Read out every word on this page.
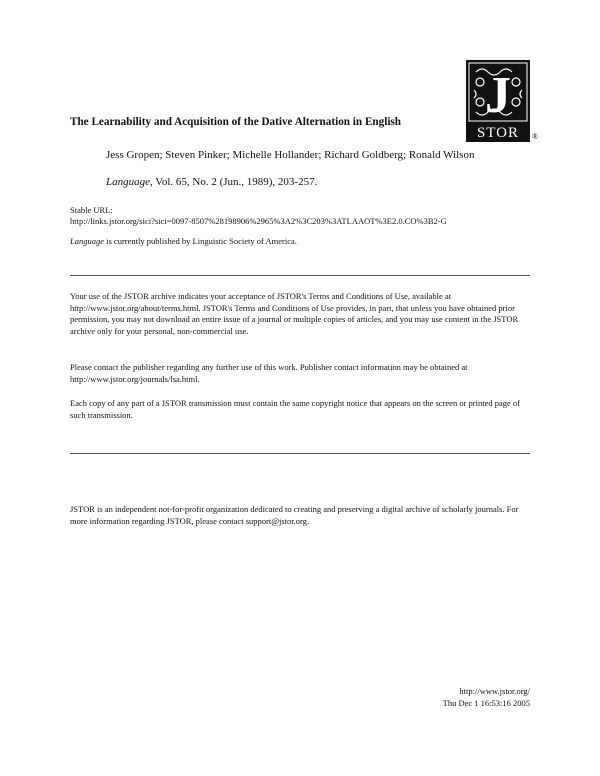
J
STOR ®
The Learnability and Acquisition of the Dative Alternation in English
Jess Gropen; Steven Pinker; Michelle Hollander; Richard Goldberg; Ronald Wilson
Language, Vol. 65, No. 2 (Jun., 1989), 203-257.
Stable URL:
http://links.jstor.org/sici?sici=0097-8507%28198906%2965%3A2%3C203%3ATLAAOT%3E2.0.CO%3B2-G
Language is currently published by Linguistic Society of America.
Your use of the JSTOR archive indicates your acceptance of JSTOR's Terms and Conditions of Use, available at http://www.jstor.org/about/terms.html. JSTOR's Terms and Conditions of Use provides, in part, that unless you have obtained prior permission, you may not download an entire issue of a journal or multiple copies of articles, and you may use content in the JSTOR archive only for your personal, non-commercial use.
Please contact the publisher regarding any further use of this work. Publisher contact information may be obtained at http://www.jstor.org/journals/lsa.html.
Each copy of any part of a JSTOR transmission must contain the same copyright notice that appears on the screen or printed page of such transmission.
JSTOR is an independent not-for-profit organization dedicated to creating and preserving a digital archive of scholarly journals. For more information regarding JSTOR, please contact support@jstor.org.
http://www.jstor.org/
Thu Dec 1 16:53:16 2005
